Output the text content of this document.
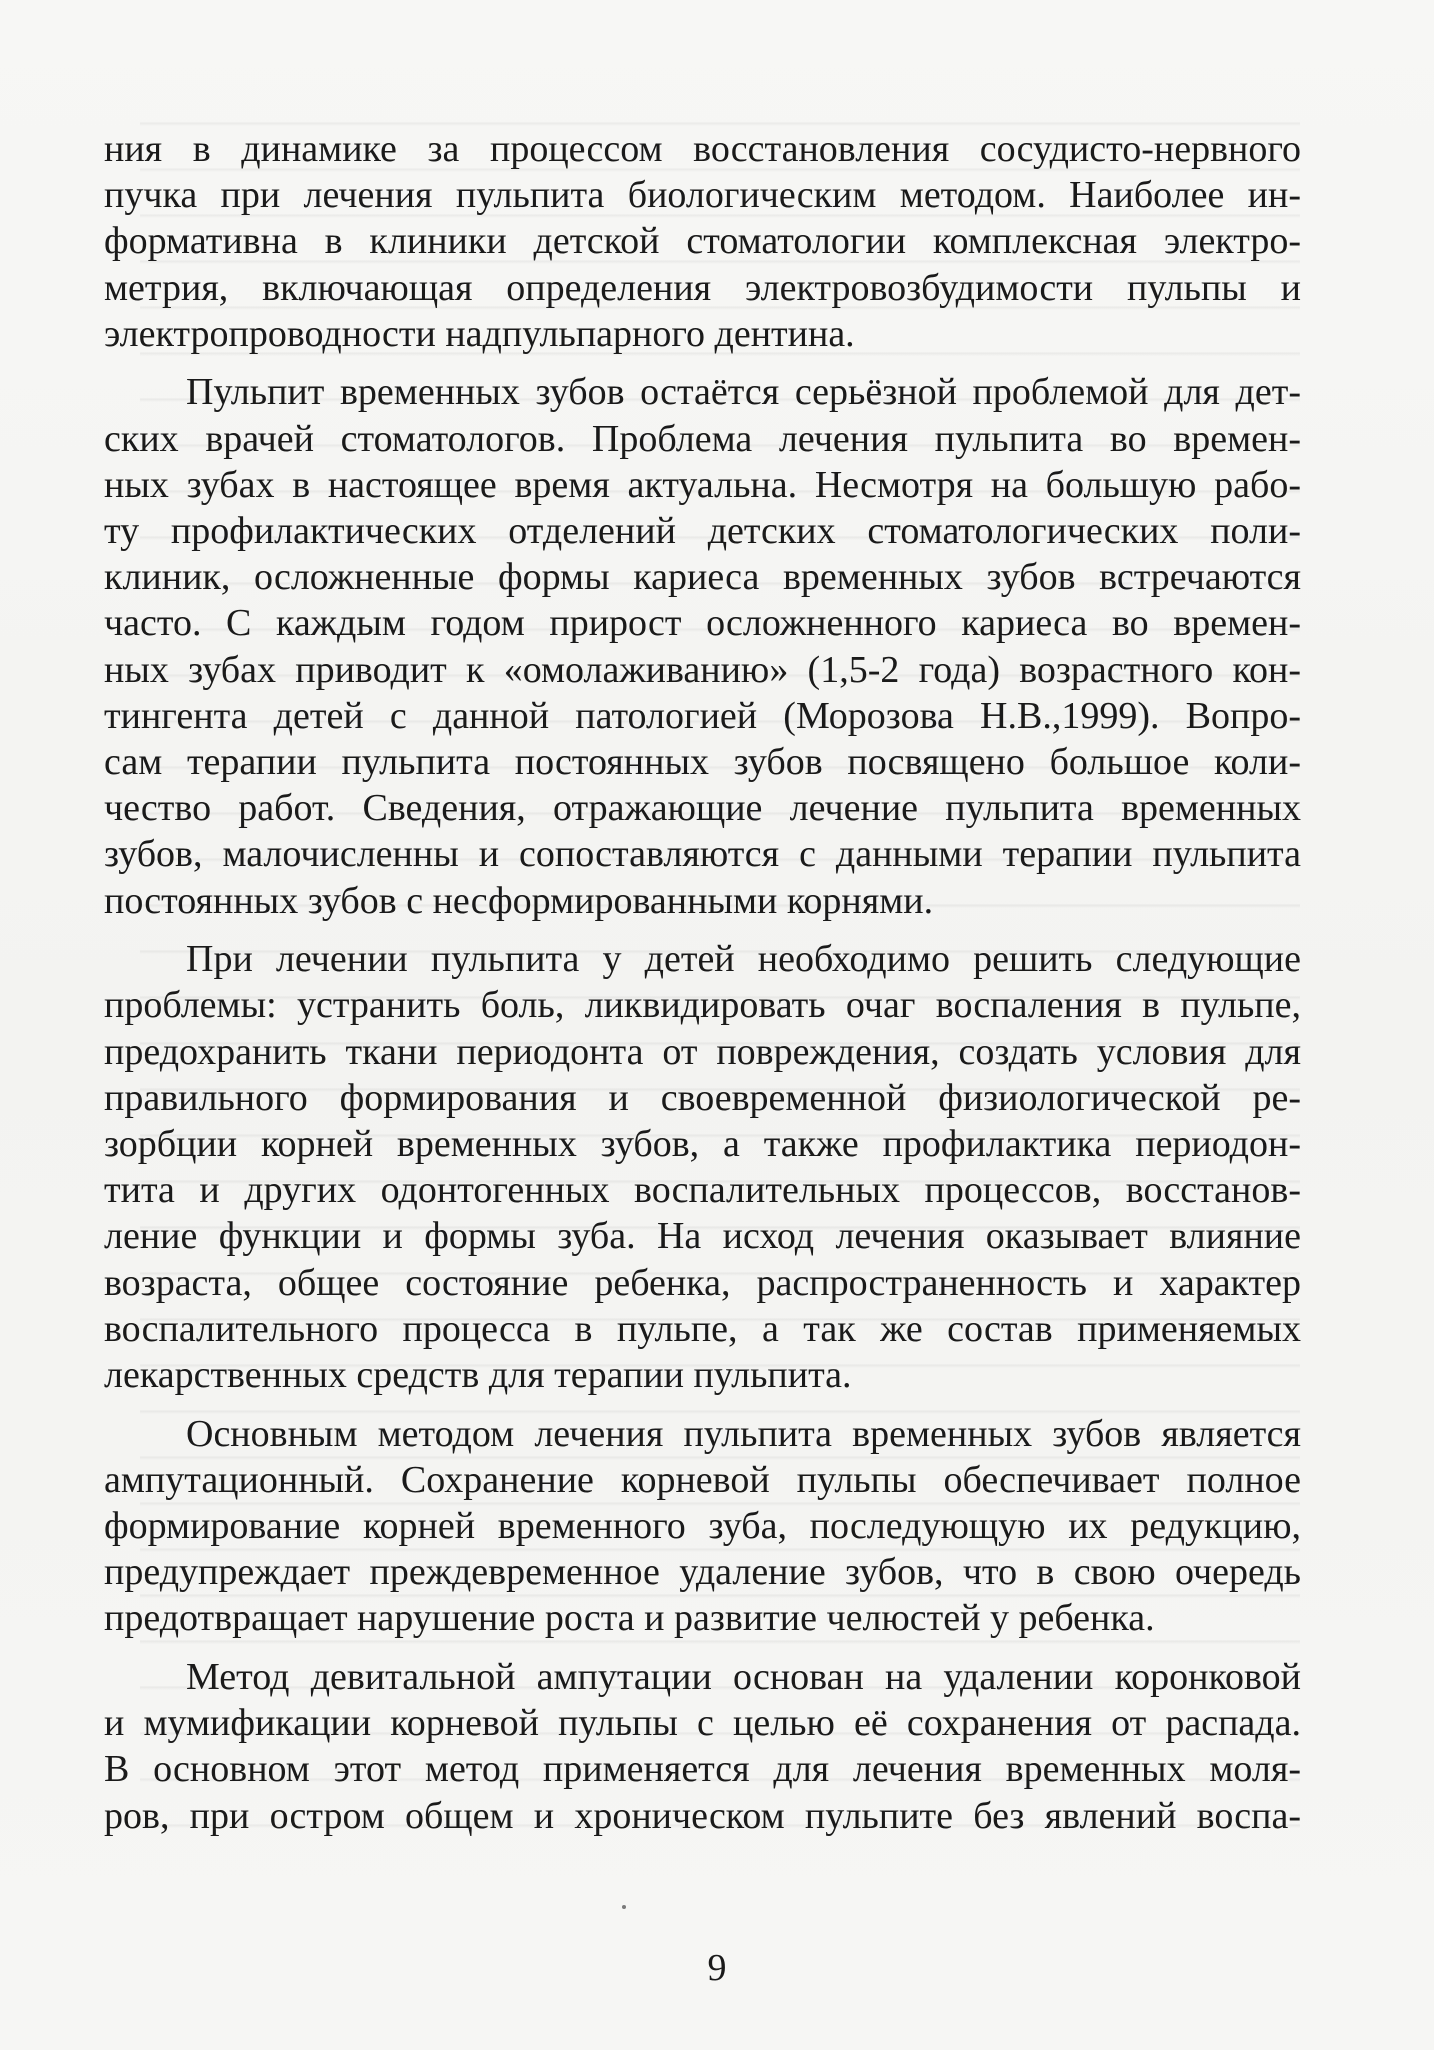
ния в динамике за процессом восстановления сосудисто-нервного
пучка при лечения пульпита биологическим методом. Наиболее ин-
формативна в клиники детской стоматологии комплексная электро-
метрия, включающая определения электровозбудимости пульпы и
электропроводности надпульпарного дентина.
Пульпит временных зубов остаётся серьёзной проблемой для дет-
ских врачей стоматологов. Проблема лечения пульпита во времен-
ных зубах в настоящее время актуальна. Несмотря на большую рабо-
ту профилактических отделений детских стоматологических поли-
клиник, осложненные формы кариеса временных зубов встречаются
часто. С каждым годом прирост осложненного кариеса во времен-
ных зубах приводит к «омолаживанию» (1,5-2 года) возрастного кон-
тингента детей с данной патологией (Морозова Н.В.,1999). Вопро-
сам терапии пульпита постоянных зубов посвящено большое коли-
чество работ. Сведения, отражающие лечение пульпита временных
зубов, малочисленны и сопоставляются с данными терапии пульпита
постоянных зубов с несформированными корнями.
При лечении пульпита у детей необходимо решить следующие
проблемы: устранить боль, ликвидировать очаг воспаления в пульпе,
предохранить ткани периодонта от повреждения, создать условия для
правильного формирования и своевременной физиологической ре-
зорбции корней временных зубов, а также профилактика периодон-
тита и других одонтогенных воспалительных процессов, восстанов-
ление функции и формы зуба. На исход лечения оказывает влияние
возраста, общее состояние ребенка, распространенность и характер
воспалительного процесса в пульпе, а так же состав применяемых
лекарственных средств для терапии пульпита.
Основным методом лечения пульпита временных зубов является
ампутационный. Сохранение корневой пульпы обеспечивает полное
формирование корней временного зуба, последующую их редукцию,
предупреждает преждевременное удаление зубов, что в свою очередь
предотвращает нарушение роста и развитие челюстей у ребенка.
Метод девитальной ампутации основан на удалении коронковой
и мумификации корневой пульпы с целью её сохранения от распада.
В основном этот метод применяется для лечения временных моля-
ров, при остром общем и хроническом пульпите без явлений воспа-
9
